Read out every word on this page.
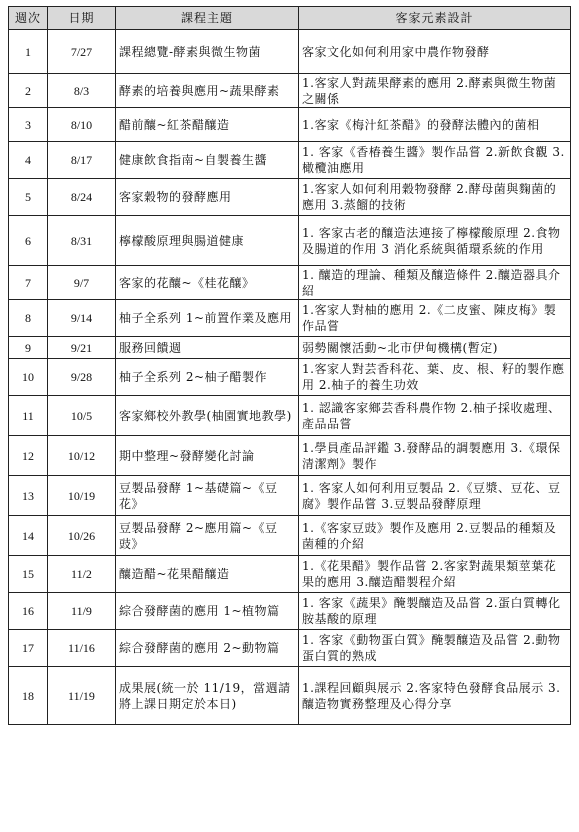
週次	日期	課程主題	客家元素設計
1	7/27	課程總覽-酵素與微生物菌	客家文化如何利用家中農作物發酵
2	8/3	酵素的培養與應用~蔬果酵素	1.客家人對蔬果酵素的應用 2.酵素與微生物菌之關係
3	8/10	醋前釀~紅茶醋釀造	1.客家《梅汁紅茶醋》的發酵法體內的菌相
4	8/17	健康飲食指南~自製養生醬	1. 客家《香椿養生醬》製作品嘗 2.新飲食觀 3.橄欖油應用
5	8/24	客家穀物的發酵應用	1.客家人如何利用穀物發酵 2.酵母菌與麴菌的應用 3.蒸餾的技術
6	8/31	檸檬酸原理與腸道健康	1. 客家古老的釀造法連接了檸檬酸原理 2.食物及腸道的作用 3 消化系統與循環系統的作用
7	9/7	客家的花釀~《桂花釀》	1. 釀造的理論、種類及釀造條件 2.釀造器具介紹
8	9/14	柚子全系列 1~前置作業及應用	1.客家人對柚的應用 2.《二皮蜜、陳皮梅》製作品嘗
9	9/21	服務回饋週	弱勢關懷活動~北市伊甸機構(暫定)
10	9/28	柚子全系列 2~柚子醋製作	1.客家人對芸香科花、葉、皮、根、籽的製作應用 2.柚子的養生功效
11	10/5	客家鄉校外教學(柚園實地教學)	1. 認識客家鄉芸香科農作物 2.柚子採收處理、產品品嘗
12	10/12	期中整理~發酵變化討論	1.學員產品評鑑 3.發酵品的調製應用 3.《環保清潔劑》製作
13	10/19	豆製品發酵 1~基礎篇~《豆花》	1. 客家人如何利用豆製品 2.《豆漿、豆花、豆腐》製作品嘗 3.豆製品發酵原理
14	10/26	豆製品發酵 2~應用篇~《豆豉》	1.《客家豆豉》製作及應用 2.豆製品的種類及菌種的介紹
15	11/2	釀造醋~花果醋釀造	1.《花果醋》製作品嘗 2.客家對蔬果類莖葉花果的應用 3.釀造醋製程介紹
16	11/9	綜合發酵菌的應用 1~植物篇	1. 客家《蔬果》醃製釀造及品嘗 2.蛋白質轉化胺基酸的原理
17	11/16	綜合發酵菌的應用 2~動物篇	1. 客家《動物蛋白質》醃製釀造及品嘗 2.動物蛋白質的熟成
18	11/19	成果展(統一於 11/19，當週請將上課日期定於本日)	1.課程回顧與展示 2.客家特色發酵食品展示 3.釀造物實務整理及心得分享
